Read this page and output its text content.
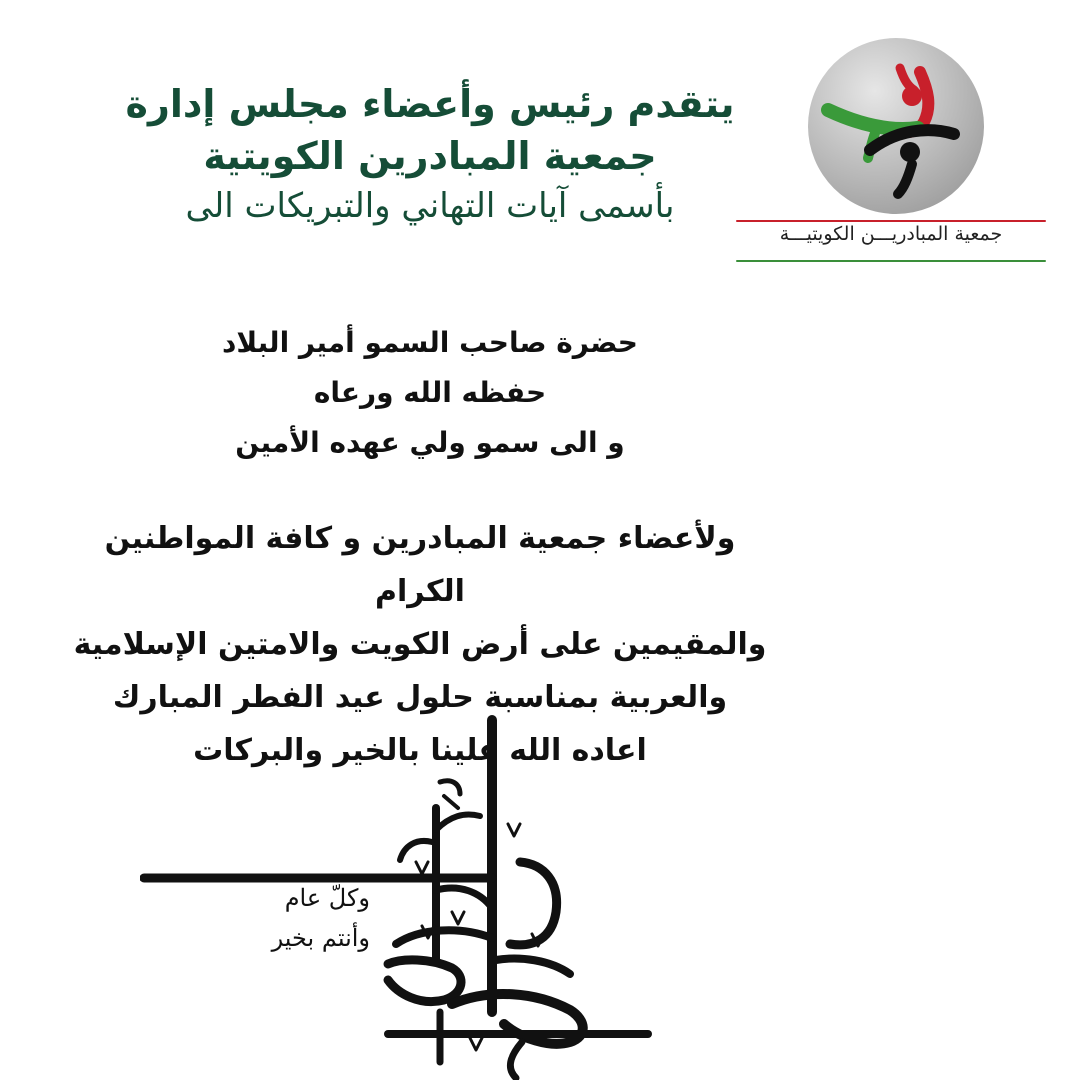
جمعية المبادريـــن الكويتيـــة
يتقدم رئيس وأعضاء مجلس إدارة
جمعية المبادرين الكويتية
بأسمى آيات التهاني والتبريكات الى
حضرة صاحب السمو أمير البلاد
حفظه الله ورعاه
و الى سمو ولي عهده الأمين
ولأعضاء جمعية المبادرين و كافة المواطنين الكرام
والمقيمين على أرض الكويت والامتين الإسلامية
والعربية بمناسبة حلول عيد الفطر المبارك
اعاده الله علينا بالخير والبركات
وكلّ عام
وأنتم بخير
